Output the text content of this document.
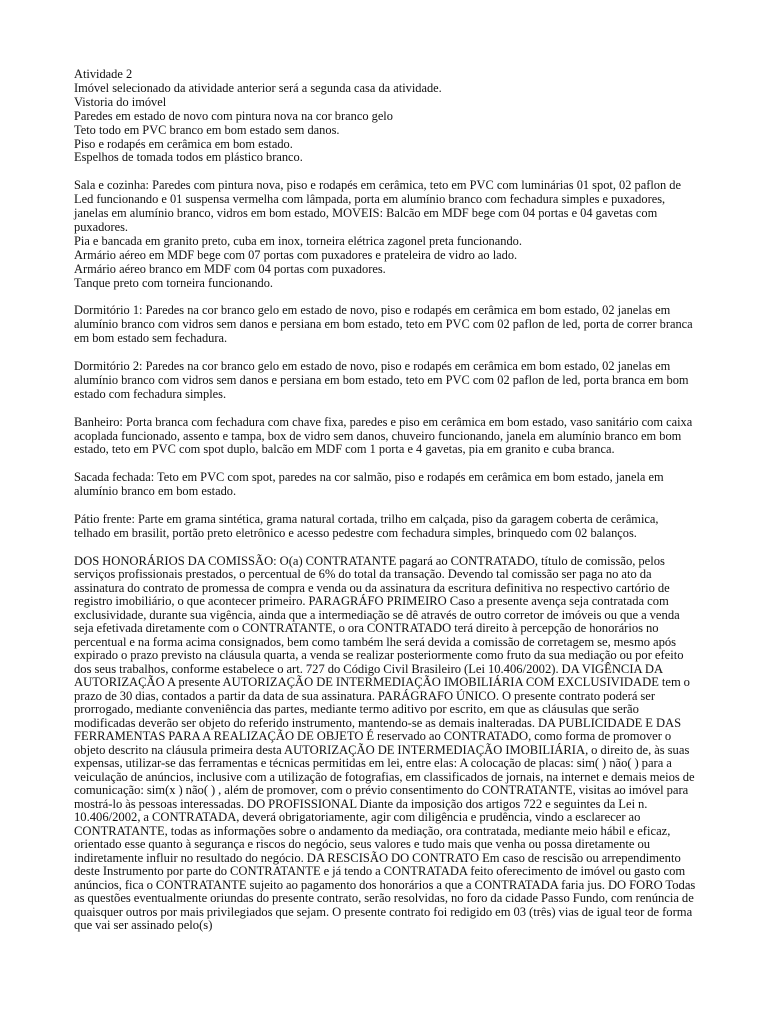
Atividade 2
Imóvel selecionado da atividade anterior será a segunda casa da atividade.
Vistoria do imóvel
Paredes em estado de novo com pintura nova na cor branco gelo
Teto todo em PVC branco em bom estado sem danos.
Piso e rodapés em cerâmica em bom estado.
Espelhos de tomada todos em plástico branco.
Sala e cozinha: Paredes com pintura nova, piso e rodapés em cerâmica, teto em PVC com luminárias 01 spot, 02 paflon de Led funcionando e 01 suspensa vermelha com lâmpada, porta em alumínio branco com fechadura simples e puxadores, janelas em alumínio branco, vidros em bom estado, MOVEIS: Balcão em MDF bege com 04 portas e 04 gavetas com puxadores.
Pia e bancada em granito preto, cuba em inox, torneira elétrica zagonel preta funcionando.
Armário aéreo em MDF bege com 07 portas com puxadores e prateleira de vidro ao lado.
Armário aéreo branco em MDF com 04 portas com puxadores.
Tanque preto com torneira funcionando.

Dormitório 1: Paredes na cor branco gelo em estado de novo, piso e rodapés em cerâmica em bom estado, 02 janelas em alumínio branco com vidros sem danos e persiana em bom estado, teto em PVC com 02 paflon de led, porta de correr branca em bom estado sem fechadura.

Dormitório 2: Paredes na cor branco gelo em estado de novo, piso e rodapés em cerâmica em bom estado, 02 janelas em alumínio branco com vidros sem danos e persiana em bom estado, teto em PVC com 02 paflon de led, porta branca em bom estado com fechadura simples.

Banheiro: Porta branca com fechadura com chave fixa, paredes e piso em cerâmica em bom estado, vaso sanitário com caixa acoplada funcionado, assento e tampa, box de vidro sem danos, chuveiro funcionando, janela em alumínio branco em bom estado, teto em PVC com spot duplo, balcão em MDF com 1 porta e 4 gavetas, pia em granito e cuba branca.

Sacada fechada: Teto em PVC com spot, paredes na cor salmão, piso e rodapés em cerâmica em bom estado, janela em alumínio branco em bom estado.

Pátio frente: Parte em grama sintética, grama natural cortada, trilho em calçada, piso da garagem coberta de cerâmica, telhado em brasilit, portão preto eletrônico e acesso pedestre com fechadura simples, brinquedo com 02 balanços.

DOS HONORÁRIOS DA COMISSÃO: O(a) CONTRATANTE pagará ao CONTRATADO, título de comissão, pelos serviços profissionais prestados, o percentual de 6% do total da transação. Devendo tal comissão ser paga no ato da assinatura do contrato de promessa de compra e venda ou da assinatura da escritura definitiva no respectivo cartório de registro imobiliário, o que acontecer primeiro. PARAGRÁFO PRIMEIRO Caso a presente avença seja contratada com exclusividade, durante sua vigência, ainda que a intermediação se dê através de outro corretor de imóveis ou que a venda seja efetivada diretamente com o CONTRATANTE, o ora CONTRATADO terá direito à percepção de honorários no percentual e na forma acima consignados, bem como também lhe será devida a comissão de corretagem se, mesmo após expirado o prazo previsto na cláusula quarta, a venda se realizar posteriormente como fruto da sua mediação ou por efeito dos seus trabalhos, conforme estabelece o art. 727 do Código Civil Brasileiro (Lei 10.406/2002). DA VIGÊNCIA DA AUTORIZAÇÃO A presente AUTORIZAÇÃO DE INTERMEDIAÇÃO IMOBILIÁRIA COM EXCLUSIVIDADE tem o prazo de 30 dias, contados a partir da data de sua assinatura. PARÁGRAFO ÚNICO. O presente contrato poderá ser prorrogado, mediante conveniência das partes, mediante termo aditivo por escrito, em que as cláusulas que serão modificadas deverão ser objeto do referido instrumento, mantendo-se as demais inalteradas. DA PUBLICIDADE E DAS FERRAMENTAS PARA A REALIZAÇÃO DE OBJETO É reservado ao CONTRATADO, como forma de promover o objeto descrito na cláusula primeira desta AUTORIZAÇÃO DE INTERMEDIAÇÃO IMOBILIÁRIA, o direito de, às suas expensas, utilizar-se das ferramentas e técnicas permitidas em lei, entre elas: A colocação de placas: sim( ) não( ) para a veiculação de anúncios, inclusive com a utilização de fotografias, em classificados de jornais, na internet e demais meios de comunicação: sim(x ) não( ) , além de promover, com o prévio consentimento do CONTRATANTE, visitas ao imóvel para mostrá-lo às pessoas interessadas. DO PROFISSIONAL Diante da imposição dos artigos 722 e seguintes da Lei n. 10.406/2002, a CONTRATADA, deverá obrigatoriamente, agir com diligência e prudência, vindo a esclarecer ao CONTRATANTE, todas as informações sobre o andamento da mediação, ora contratada, mediante meio hábil e eficaz, orientado esse quanto à segurança e riscos do negócio, seus valores e tudo mais que venha ou possa diretamente ou indiretamente influir no resultado do negócio. DA RESCISÃO DO CONTRATO Em caso de rescisão ou arrependimento deste Instrumento por parte do CONTRATANTE e já tendo a CONTRATADA feito oferecimento de imóvel ou gasto com anúncios, fica o CONTRATANTE sujeito ao pagamento dos honorários a que a CONTRATADA faria jus. DO FORO Todas as questões eventualmente oriundas do presente contrato, serão resolvidas, no foro da cidade Passo Fundo, com renúncia de quaisquer outros por mais privilegiados que sejam. O presente contrato foi redigido em 03 (três) vias de igual teor de forma que vai ser assinado pelo(s)
